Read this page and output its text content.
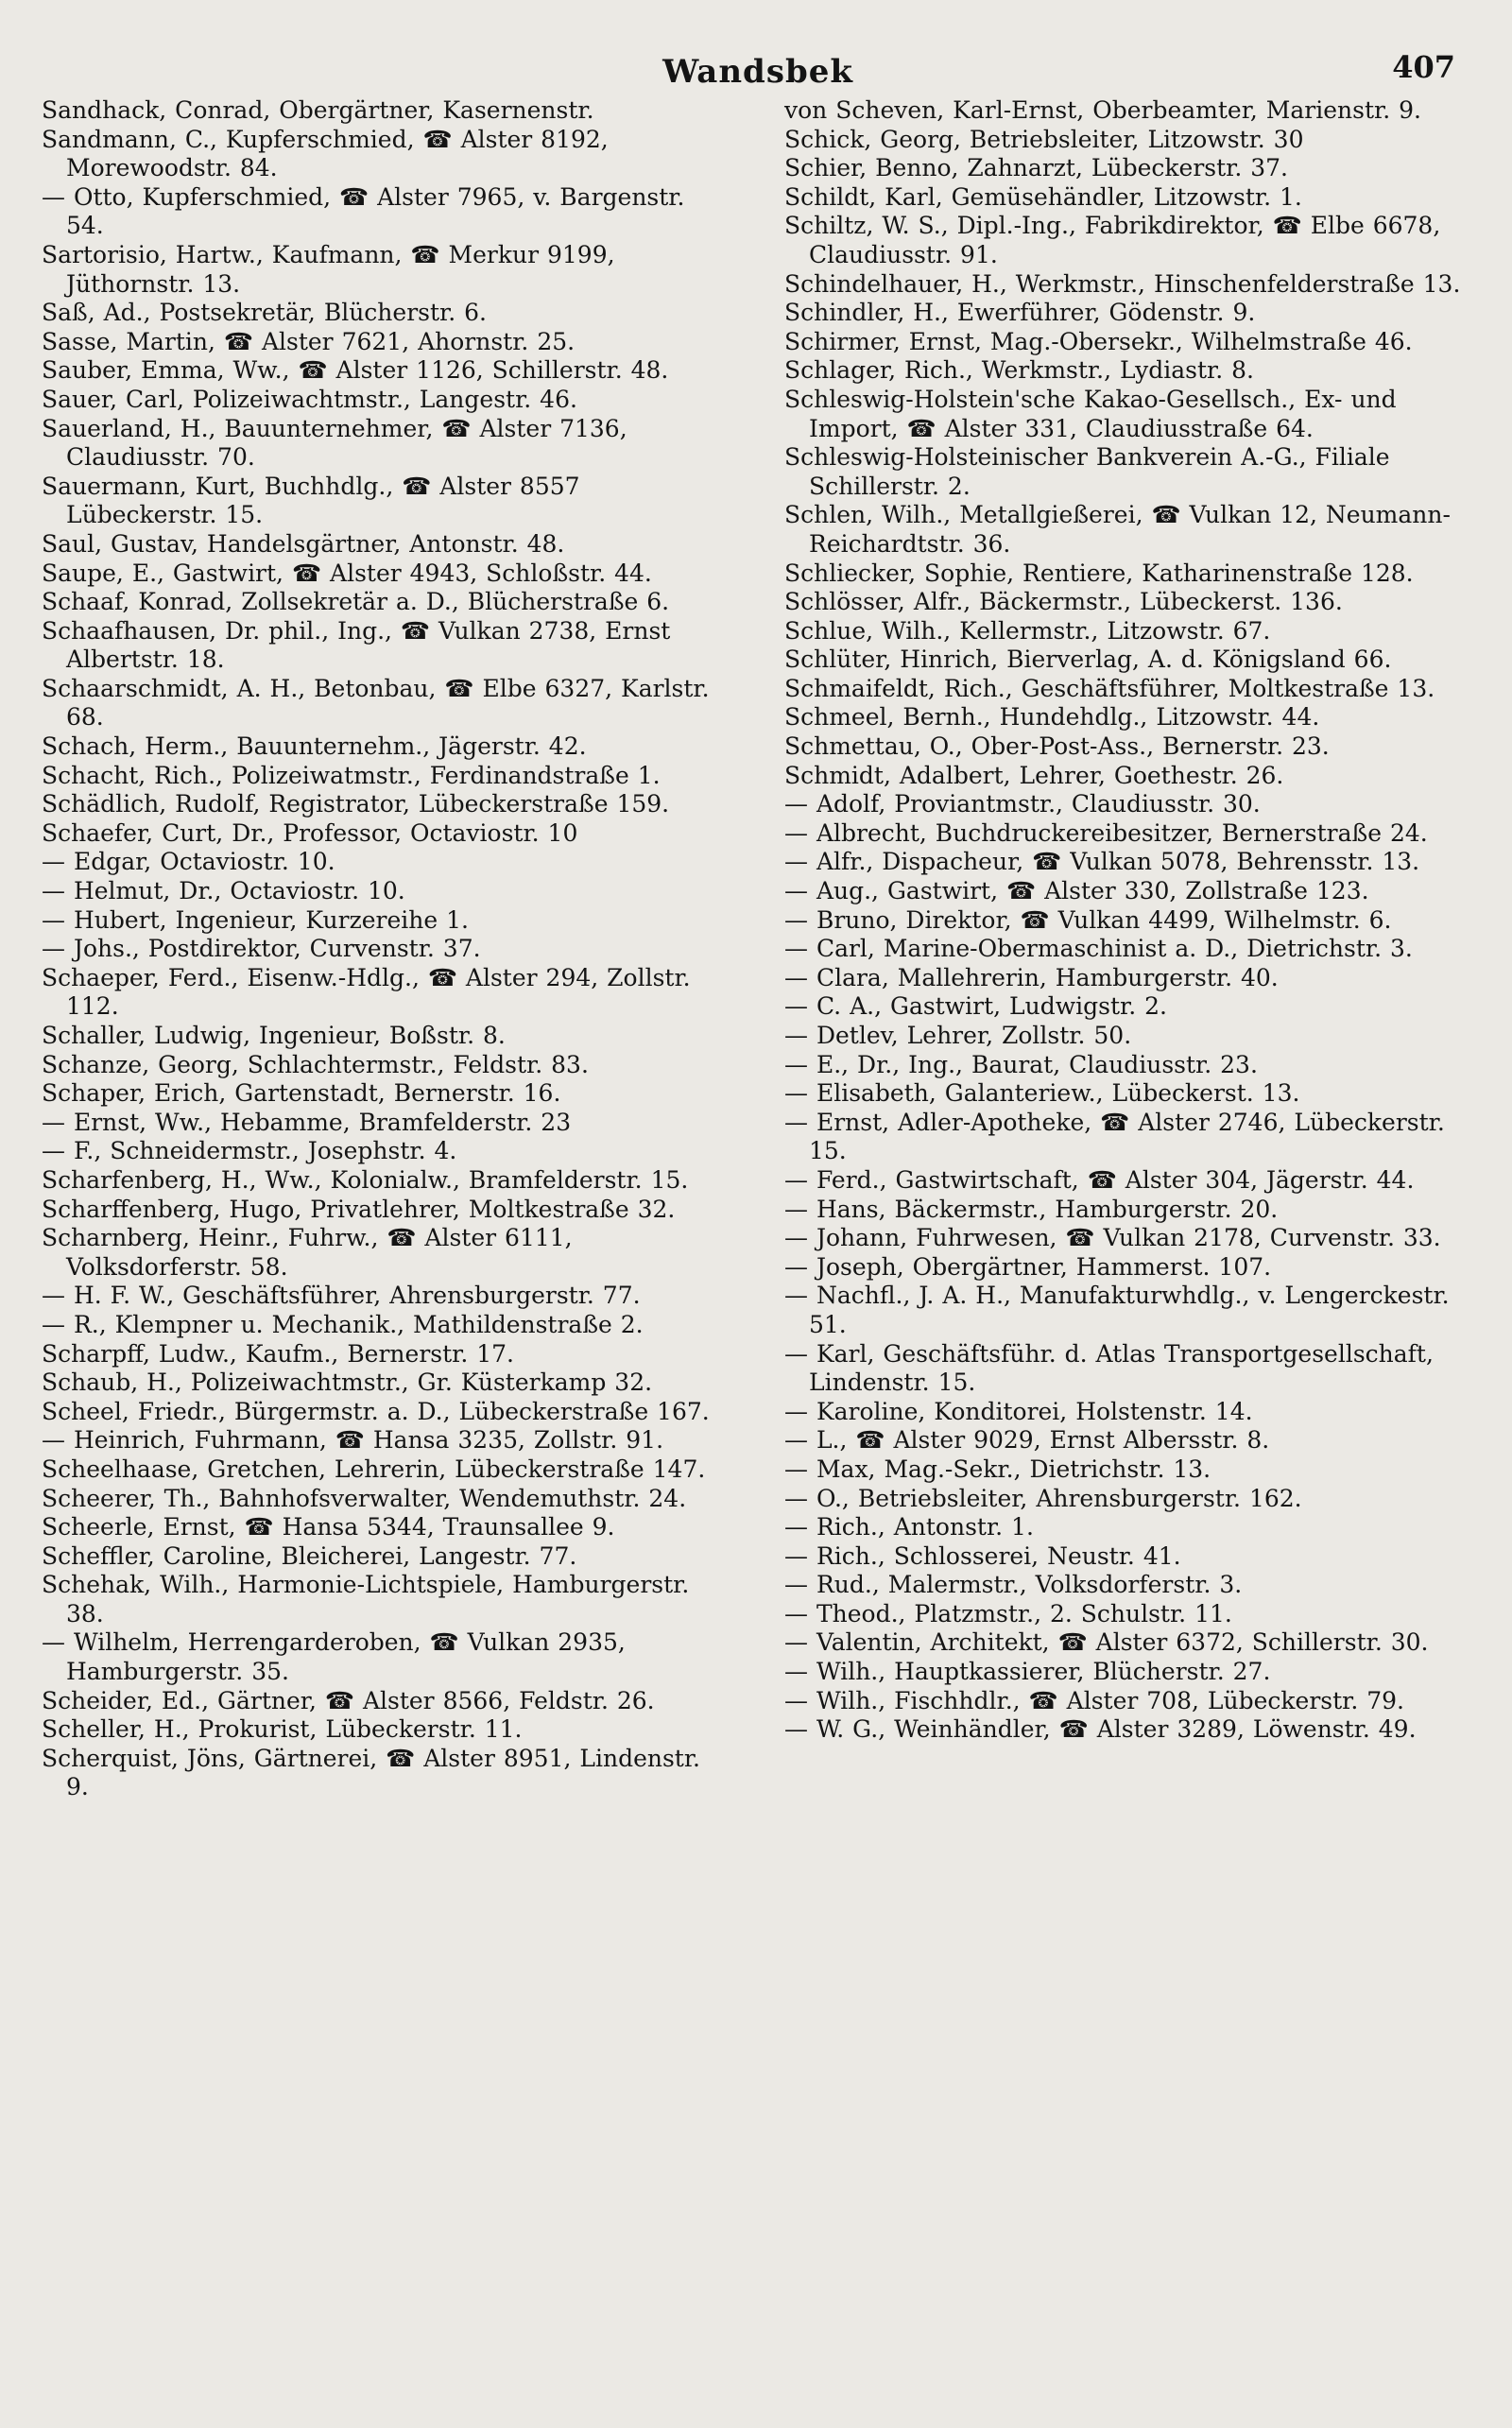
Wandsbek	407
Sandhack, Conrad, Obergärtner, Kasernenstr.
Sandmann, C., Kupferschmied, ☎ Alster 8192, Morewoodstr. 84.
— Otto, Kupferschmied, ☎ Alster 7965, v. Bargenstr. 54.
Sartorisio, Hartw., Kaufmann, ☎ Merkur 9199, Jüthornstr. 13.
Saß, Ad., Postsekretär, Blücherstr. 6.
Sasse, Martin, ☎ Alster 7621, Ahornstr. 25.
Sauber, Emma, Ww., ☎ Alster 1126, Schillerstr. 48.
Sauer, Carl, Polizeiwachtmstr., Langestr. 46.
Sauerland, H., Bauunternehmer, ☎ Alster 7136, Claudiusstr. 70.
Sauermann, Kurt, Buchhdlg., ☎ Alster 8557 Lübeckerstr. 15.
Saul, Gustav, Handelsgärtner, Antonstr. 48.
Saupe, E., Gastwirt, ☎ Alster 4943, Schloßstr. 44.
Schaaf, Konrad, Zollsekretär a. D., Blücherstraße 6.
Schaafhausen, Dr. phil., Ing., ☎ Vulkan 2738, Ernst Albertstr. 18.
Schaarschmidt, A. H., Betonbau, ☎ Elbe 6327, Karlstr. 68.
Schach, Herm., Bauunternehm., Jägerstr. 42.
Schacht, Rich., Polizeiwatmstr., Ferdinandstraße 1.
Schädlich, Rudolf, Registrator, Lübeckerstraße 159.
Schaefer, Curt, Dr., Professor, Octaviostr. 10
— Edgar, Octaviostr. 10.
— Helmut, Dr., Octaviostr. 10.
— Hubert, Ingenieur, Kurzereihe 1.
— Johs., Postdirektor, Curvenstr. 37.
Schaeper, Ferd., Eisenw.-Hdlg., ☎ Alster 294, Zollstr. 112.
Schaller, Ludwig, Ingenieur, Boßstr. 8.
Schanze, Georg, Schlachtermstr., Feldstr. 83.
Schaper, Erich, Gartenstadt, Bernerstr. 16.
— Ernst, Ww., Hebamme, Bramfelderstr. 23
— F., Schneidermstr., Josephstr. 4.
Scharfenberg, H., Ww., Kolonialw., Bramfelderstr. 15.
Scharffenberg, Hugo, Privatlehrer, Moltkestraße 32.
Scharnberg, Heinr., Fuhrw., ☎ Alster 6111, Volksdorferstr. 58.
— H. F. W., Geschäftsführer, Ahrensburgerstr. 77.
— R., Klempner u. Mechanik., Mathildenstraße 2.
Scharpff, Ludw., Kaufm., Bernerstr. 17.
Schaub, H., Polizeiwachtmstr., Gr. Küsterkamp 32.
Scheel, Friedr., Bürgermstr. a. D., Lübeckerstraße 167.
— Heinrich, Fuhrmann, ☎ Hansa 3235, Zollstr. 91.
Scheelhaase, Gretchen, Lehrerin, Lübeckerstraße 147.
Scheerer, Th., Bahnhofsverwalter, Wendemuthstr. 24.
Scheerle, Ernst, ☎ Hansa 5344, Traunsallee 9.
Scheffler, Caroline, Bleicherei, Langestr. 77.
Schehak, Wilh., Harmonie-Lichtspiele, Hamburgerstr. 38.
— Wilhelm, Herrengarderoben, ☎ Vulkan 2935, Hamburgerstr. 35.
Scheider, Ed., Gärtner, ☎ Alster 8566, Feldstr. 26.
Scheller, H., Prokurist, Lübeckerstr. 11.
Scherquist, Jöns, Gärtnerei, ☎ Alster 8951, Lindenstr. 9.
von Scheven, Karl-Ernst, Oberbeamter, Marienstr. 9.
Schick, Georg, Betriebsleiter, Litzowstr. 30
Schier, Benno, Zahnarzt, Lübeckerstr. 37.
Schildt, Karl, Gemüsehändler, Litzowstr. 1.
Schiltz, W. S., Dipl.-Ing., Fabrikdirektor, ☎ Elbe 6678, Claudiusstr. 91.
Schindelhauer, H., Werkmstr., Hinschenfelderstraße 13.
Schindler, H., Ewerführer, Gödenstr. 9.
Schirmer, Ernst, Mag.-Obersekr., Wilhelmstraße 46.
Schlager, Rich., Werkmstr., Lydiastr. 8.
Schleswig-Holstein'sche Kakao-Gesellsch., Ex- und Import, ☎ Alster 331, Claudiusstraße 64.
Schleswig-Holsteinischer Bankverein A.-G., Filiale Schillerstr. 2.
Schlen, Wilh., Metallgießerei, ☎ Vulkan 12, Neumann-Reichardtstr. 36.
Schliecker, Sophie, Rentiere, Katharinenstraße 128.
Schlösser, Alfr., Bäckermstr., Lübeckerst. 136.
Schlue, Wilh., Kellermstr., Litzowstr. 67.
Schlüter, Hinrich, Bierverlag, A. d. Königsland 66.
Schmaifeldt, Rich., Geschäftsführer, Moltkestraße 13.
Schmeel, Bernh., Hundehdlg., Litzowstr. 44.
Schmettau, O., Ober-Post-Ass., Bernerstr. 23.
Schmidt, Adalbert, Lehrer, Goethestr. 26.
— Adolf, Proviantmstr., Claudiusstr. 30.
— Albrecht, Buchdruckereibesitzer, Bernerstraße 24.
— Alfr., Dispacheur, ☎ Vulkan 5078, Behrensstr. 13.
— Aug., Gastwirt, ☎ Alster 330, Zollstraße 123.
— Bruno, Direktor, ☎ Vulkan 4499, Wilhelmstr. 6.
— Carl, Marine-Obermaschinist a. D., Dietrichstr. 3.
— Clara, Mallehrerin, Hamburgerstr. 40.
— C. A., Gastwirt, Ludwigstr. 2.
— Detlev, Lehrer, Zollstr. 50.
— E., Dr., Ing., Baurat, Claudiusstr. 23.
— Elisabeth, Galanteriew., Lübeckerst. 13.
— Ernst, Adler-Apotheke, ☎ Alster 2746, Lübeckerstr. 15.
— Ferd., Gastwirtschaft, ☎ Alster 304, Jägerstr. 44.
— Hans, Bäckermstr., Hamburgerstr. 20.
— Johann, Fuhrwesen, ☎ Vulkan 2178, Curvenstr. 33.
— Joseph, Obergärtner, Hammerst. 107.
— Nachfl., J. A. H., Manufakturwhdlg., v. Lengerckestr. 51.
— Karl, Geschäftsführ. d. Atlas Transportgesellschaft, Lindenstr. 15.
— Karoline, Konditorei, Holstenstr. 14.
— L., ☎ Alster 9029, Ernst Albersstr. 8.
— Max, Mag.-Sekr., Dietrichstr. 13.
— O., Betriebsleiter, Ahrensburgerstr. 162.
— Rich., Antonstr. 1.
— Rich., Schlosserei, Neustr. 41.
— Rud., Malermstr., Volksdorferstr. 3.
— Theod., Platzmstr., 2. Schulstr. 11.
— Valentin, Architekt, ☎ Alster 6372, Schillerstr. 30.
— Wilh., Hauptkassierer, Blücherstr. 27.
— Wilh., Fischhdlr., ☎ Alster 708, Lübeckerstr. 79.
— W. G., Weinhändler, ☎ Alster 3289, Löwenstr. 49.
